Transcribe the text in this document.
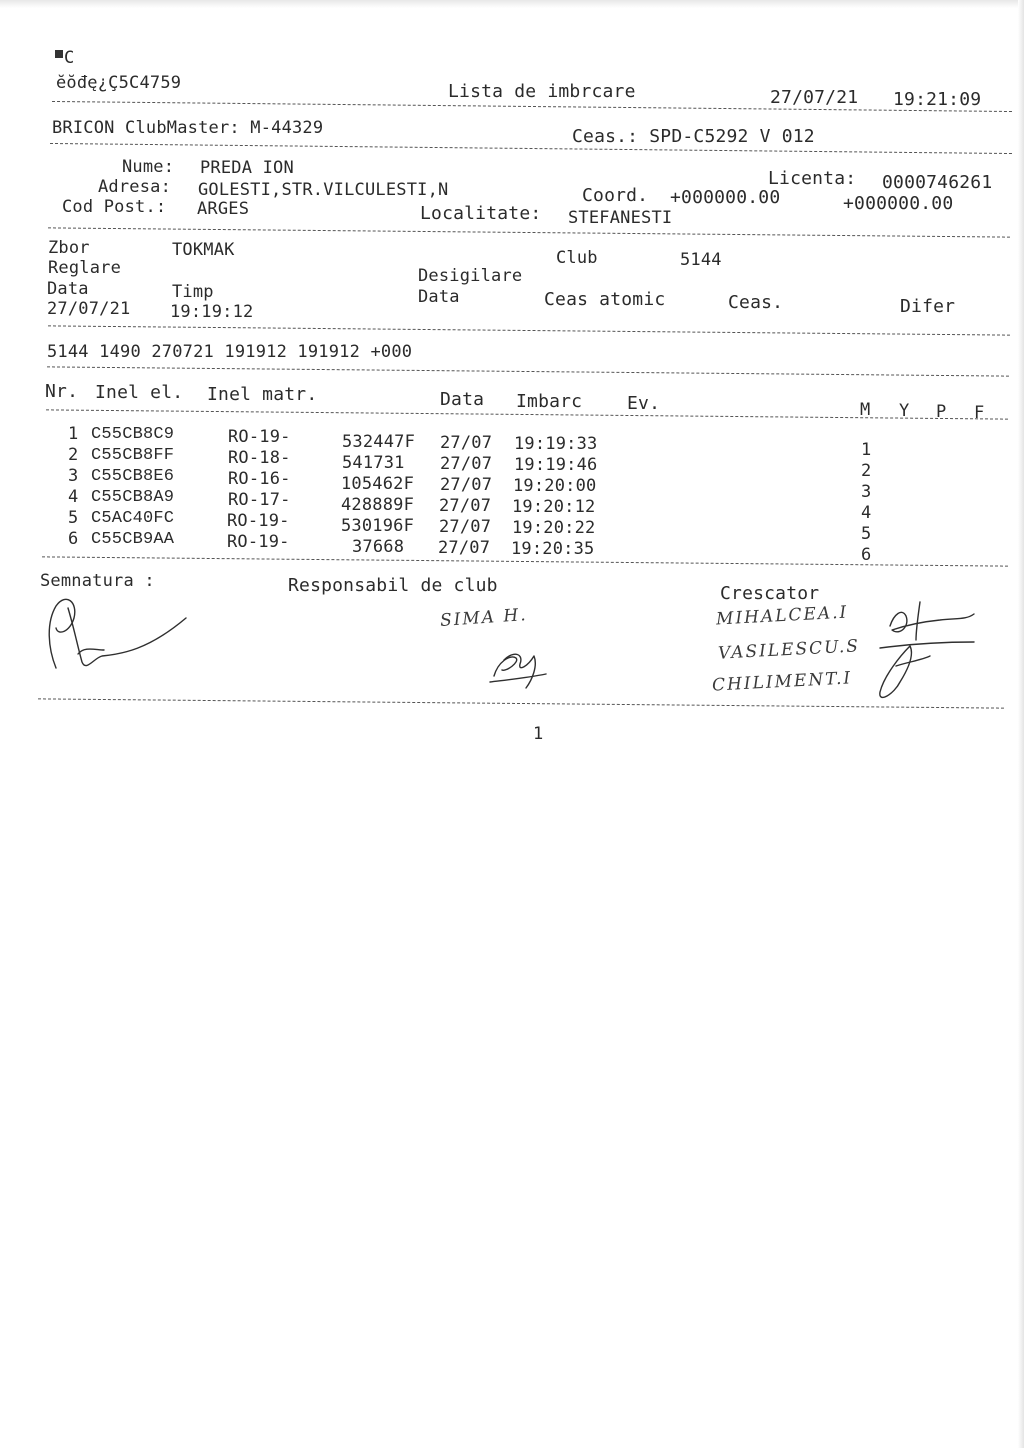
C
ĕŏđę¿Ç5C4759	Lista de imbrcare	27/07/21 19:21:09
BRICON ClubMaster: M-44329	Ceas.: SPD-C5292 V 012
Nume: PREDA ION
Adresa: GOLESTI,STR.VILCULESTI,N
Cod Post.: ARGES
Licenta: 0000746261
Coord. +000000.00	+000000.00
Localitate: STEFANESTI
Zbor	TOKMAK	Club	5144
Reglare	Desigilare
Data	Timp	Data	Ceas atomic	Ceas.	Difer
27/07/21 19:19:12
5144 1490 270721 191912 191912 +000
Nr. Inel el. Inel matr.	Data Imbarc Ev.	M Y P F
1 C55CB8C9	RO-19-	532447F 27/07 19:19:33	1
2 C55CB8FF	RO-18-	541731 27/07 19:19:46	2
3 C55CB8E6	RO-16-	105462F 27/07 19:20:00	3
4 C55CB8A9	RO-17-	428889F 27/07 19:20:12	4
5 C5AC40FC	RO-19-	530196F 27/07 19:20:22	5
6 C55CB9AA	RO-19-	37668 27/07 19:20:35	6
Semnatura :	Responsabil de club	Crescator
SIMA H.	MIHALCEA.I
VASILESCU.S
CHILIMENT.I
1
